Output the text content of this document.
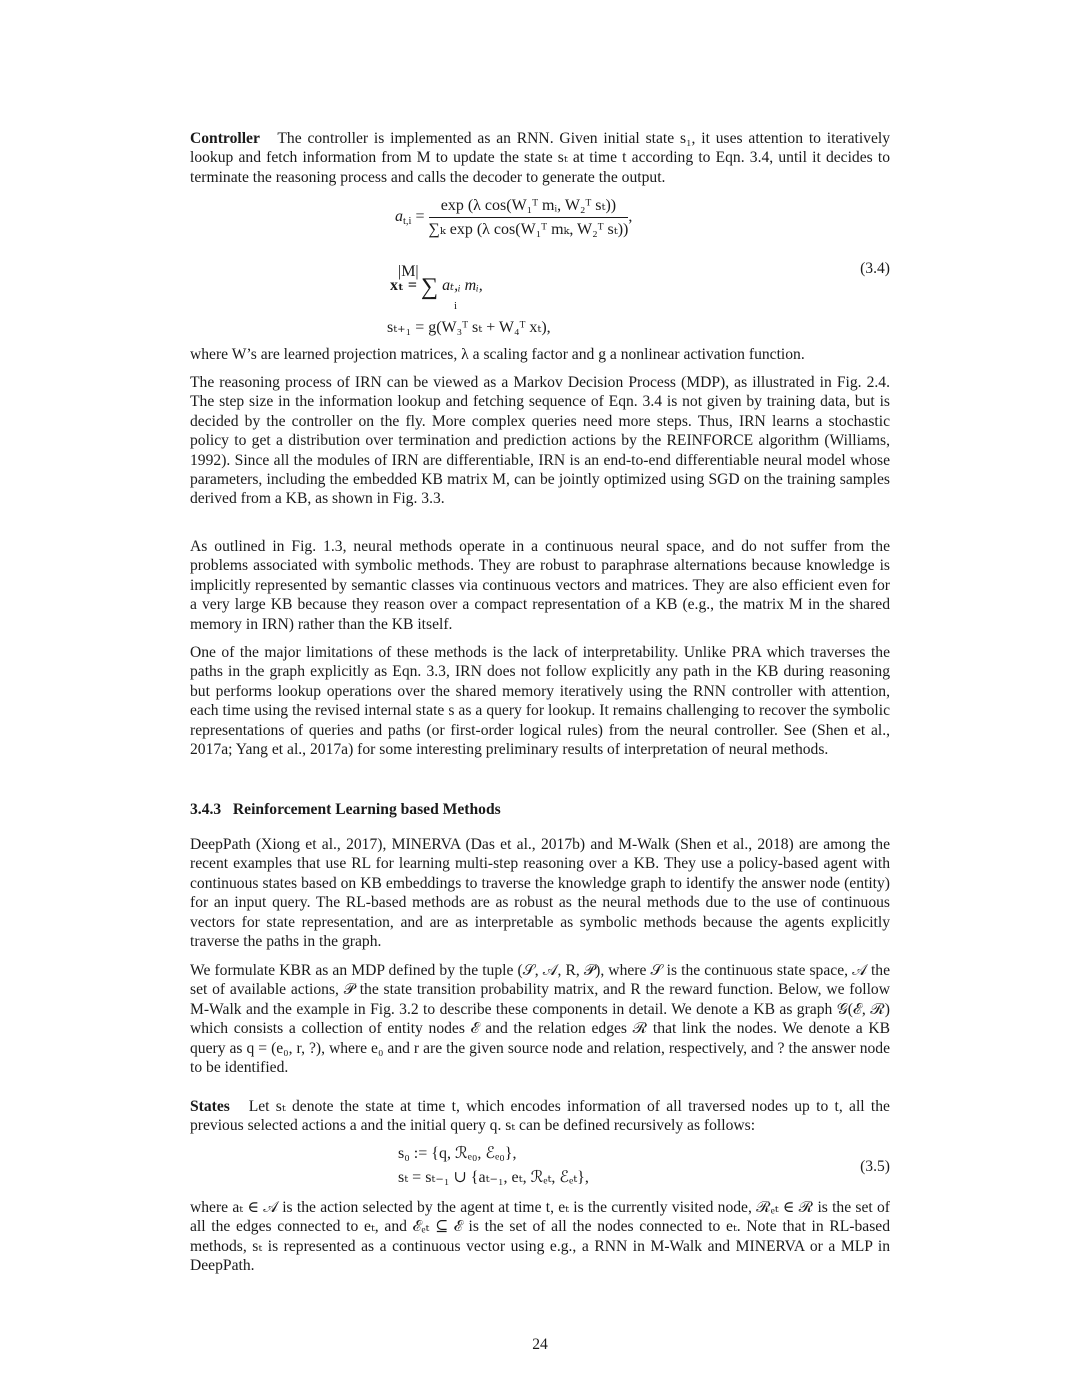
Controller The controller is implemented as an RNN. Given initial state s₁, it uses attention to iteratively lookup and fetch information from M to update the state sₜ at time t according to Eqn. 3.4, until it decides to terminate the reasoning process and calls the decoder to generate the output.

$a_{t,i} = \frac{\text{exp (λ cos(W₁ᵀ mᵢ, W₂ᵀ sₜ))}}{\text{∑ₖ exp (λ cos(W₁ᵀ mₖ, W₂ᵀ sₜ))}}$ ,
|M|
xₜ = ∑ aₜ,ᵢ mᵢ,
i
sₜ₊₁ = g(W₃ᵀ sₜ + W₄ᵀ xₜ),
(3.4)

where W’s are learned projection matrices, λ a scaling factor and g a nonlinear activation function.

The reasoning process of IRN can be viewed as a Markov Decision Process (MDP), as illustrated in Fig. 2.4. The step size in the information lookup and fetching sequence of Eqn. 3.4 is not given by training data, but is decided by the controller on the fly. More complex queries need more steps. Thus, IRN learns a stochastic policy to get a distribution over termination and prediction actions by the REINFORCE algorithm (Williams, 1992). Since all the modules of IRN are differentiable, IRN is an end-to-end differentiable neural model whose parameters, including the embedded KB matrix M, can be jointly optimized using SGD on the training samples derived from a KB, as shown in Fig. 3.3.

As outlined in Fig. 1.3, neural methods operate in a continuous neural space, and do not suffer from the problems associated with symbolic methods. They are robust to paraphrase alternations because knowledge is implicitly represented by semantic classes via continuous vectors and matrices. They are also efficient even for a very large KB because they reason over a compact representation of a KB (e.g., the matrix M in the shared memory in IRN) rather than the KB itself.

One of the major limitations of these methods is the lack of interpretability. Unlike PRA which traverses the paths in the graph explicitly as Eqn. 3.3, IRN does not follow explicitly any path in the KB during reasoning but performs lookup operations over the shared memory iteratively using the RNN controller with attention, each time using the revised internal state s as a query for lookup. It remains challenging to recover the symbolic representations of queries and paths (or first-order logical rules) from the neural controller. See (Shen et al., 2017a; Yang et al., 2017a) for some interesting preliminary results of interpretation of neural methods.

3.4.3 Reinforcement Learning based Methods

DeepPath (Xiong et al., 2017), MINERVA (Das et al., 2017b) and M-Walk (Shen et al., 2018) are among the recent examples that use RL for learning multi-step reasoning over a KB. They use a policy-based agent with continuous states based on KB embeddings to traverse the knowledge graph to identify the answer node (entity) for an input query. The RL-based methods are as robust as the neural methods due to the use of continuous vectors for state representation, and are as interpretable as symbolic methods because the agents explicitly traverse the paths in the graph.

We formulate KBR as an MDP defined by the tuple (𝒮, 𝒜, R, 𝒫), where 𝒮 is the continuous state space, 𝒜 the set of available actions, 𝒫 the state transition probability matrix, and R the reward function. Below, we follow M-Walk and the example in Fig. 3.2 to describe these components in detail. We denote a KB as graph 𝒢(ℰ, ℛ) which consists a collection of entity nodes ℰ and the relation edges ℛ that link the nodes. We denote a KB query as q = (e₀, r, ?), where e₀ and r are the given source node and relation, respectively, and ? the answer node to be identified.

States Let sₜ denote the state at time t, which encodes information of all traversed nodes up to t, all the previous selected actions a and the initial query q. sₜ can be defined recursively as follows:

s₀ := {q, ℛₑ₀, ℰₑ₀},
sₜ = sₜ₋₁ ∪ {aₜ₋₁, eₜ, ℛₑₜ, ℰₑₜ},
(3.5)

where aₜ ∈ 𝒜 is the action selected by the agent at time t, eₜ is the currently visited node, ℛₑₜ ∈ ℛ is the set of all the edges connected to eₜ, and ℰₑₜ ⊆ ℰ is the set of all the nodes connected to eₜ. Note that in RL-based methods, sₜ is represented as a continuous vector using e.g., a RNN in M-Walk and MINERVA or a MLP in DeepPath.

24
